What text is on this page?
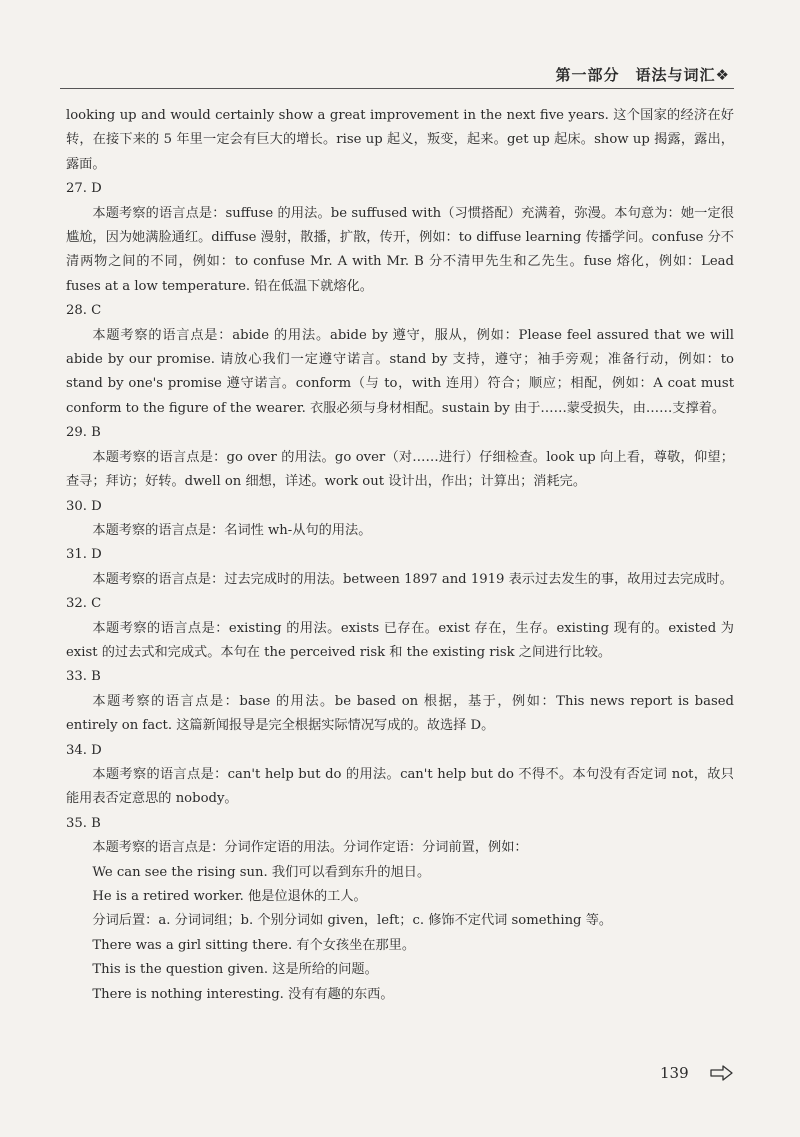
第一部分　语法与词汇❖

looking up and would certainly show a great improvement in the next five years. 这个国家的经济在好转，在接下来的 5 年里一定会有巨大的增长。rise up 起义，叛变，起来。get up 起床。show up 揭露，露出，露面。

27. D

本题考察的语言点是：suffuse 的用法。be suffused with（习惯搭配）充满着，弥漫。本句意为：她一定很尴尬，因为她满脸通红。diffuse 漫射，散播，扩散，传开，例如：to diffuse learning 传播学问。confuse 分不清两物之间的不同，例如：to confuse Mr. A with Mr. B 分不清甲先生和乙先生。fuse 熔化，例如：Lead fuses at a low temperature. 铅在低温下就熔化。

28. C

本题考察的语言点是：abide 的用法。abide by 遵守，服从，例如：Please feel assured that we will abide by our promise. 请放心我们一定遵守诺言。stand by 支持，遵守；袖手旁观；准备行动，例如：to stand by one's promise 遵守诺言。conform（与 to，with 连用）符合；顺应；相配，例如：A coat must conform to the figure of the wearer. 衣服必须与身材相配。sustain by 由于……蒙受损失，由……支撑着。

29. B

本题考察的语言点是：go over 的用法。go over（对……进行）仔细检查。look up 向上看，尊敬，仰望；查寻；拜访；好转。dwell on 细想，详述。work out 设计出，作出；计算出；消耗完。

30. D

本题考察的语言点是：名词性 wh-从句的用法。

31. D

本题考察的语言点是：过去完成时的用法。between 1897 and 1919 表示过去发生的事，故用过去完成时。

32. C

本题考察的语言点是：existing 的用法。exists 已存在。exist 存在，生存。existing 现有的。existed 为 exist 的过去式和完成式。本句在 the perceived risk 和 the existing risk 之间进行比较。

33. B

本题考察的语言点是：base 的用法。be based on 根据，基于，例如：This news report is based entirely on fact. 这篇新闻报导是完全根据实际情况写成的。故选择 D。

34. D

本题考察的语言点是：can't help but do 的用法。can't help but do 不得不。本句没有否定词 not，故只能用表否定意思的 nobody。

35. B

本题考察的语言点是：分词作定语的用法。分词作定语：分词前置，例如：

We can see the rising sun. 我们可以看到东升的旭日。

He is a retired worker. 他是位退休的工人。

分词后置：a. 分词词组；b. 个别分词如 given，left；c. 修饰不定代词 something 等。

There was a girl sitting there. 有个女孩坐在那里。

This is the question given. 这是所给的问题。

There is nothing interesting. 没有有趣的东西。

139
